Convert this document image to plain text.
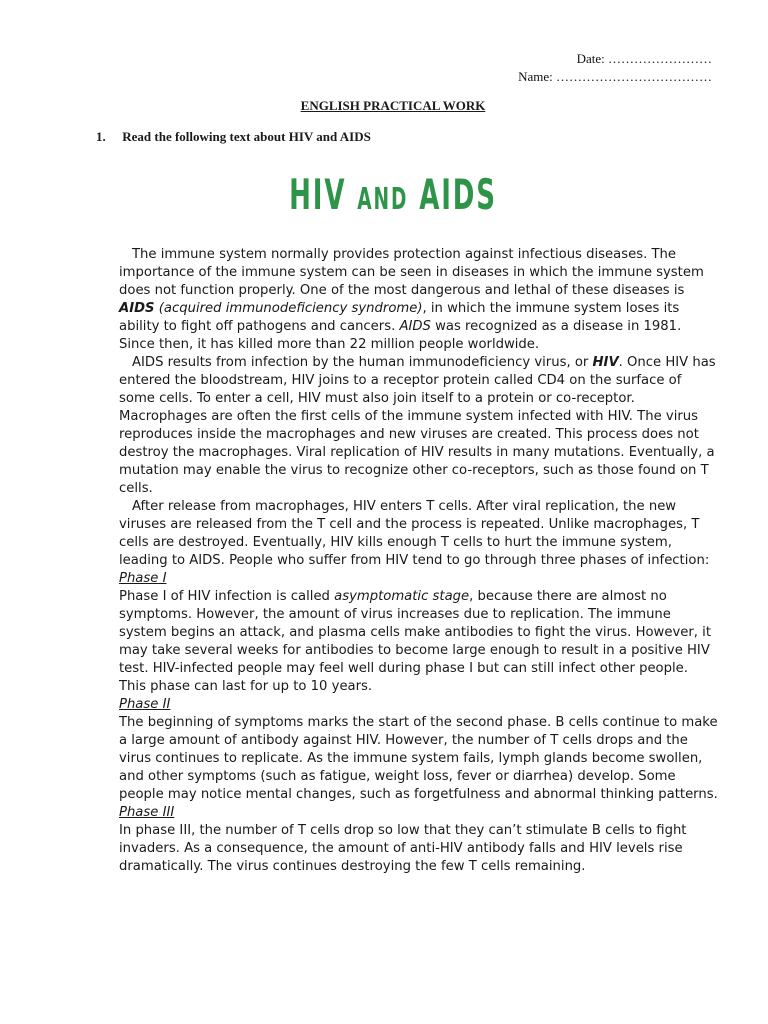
Date: ……………………
Name: ………………………………
ENGLISH PRACTICAL WORK
1. Read the following text about HIV and AIDS
HIV AND AIDS

The immune system normally provides protection against infectious diseases. The importance of the immune system can be seen in diseases in which the immune system does not function properly. One of the most dangerous and lethal of these diseases is AIDS (acquired immunodeficiency syndrome), in which the immune system loses its ability to fight off pathogens and cancers. AIDS was recognized as a disease in 1981. Since then, it has killed more than 22 million people worldwide.

AIDS results from infection by the human immunodeficiency virus, or HIV. Once HIV has entered the bloodstream, HIV joins to a receptor protein called CD4 on the surface of some cells. To enter a cell, HIV must also join itself to a protein or co-receptor. Macrophages are often the first cells of the immune system infected with HIV. The virus reproduces inside the macrophages and new viruses are created. This process does not destroy the macrophages. Viral replication of HIV results in many mutations. Eventually, a mutation may enable the virus to recognize other co-receptors, such as those found on T cells.

After release from macrophages, HIV enters T cells. After viral replication, the new viruses are released from the T cell and the process is repeated. Unlike macrophages, T cells are destroyed. Eventually, HIV kills enough T cells to hurt the immune system, leading to AIDS. People who suffer from HIV tend to go through three phases of infection:

Phase I

Phase I of HIV infection is called asymptomatic stage, because there are almost no symptoms. However, the amount of virus increases due to replication. The immune system begins an attack, and plasma cells make antibodies to fight the virus. However, it may take several weeks for antibodies to become large enough to result in a positive HIV test. HIV-infected people may feel well during phase I but can still infect other people. This phase can last for up to 10 years.

Phase II

The beginning of symptoms marks the start of the second phase. B cells continue to make a large amount of antibody against HIV. However, the number of T cells drops and the virus continues to replicate. As the immune system fails, lymph glands become swollen, and other symptoms (such as fatigue, weight loss, fever or diarrhea) develop. Some people may notice mental changes, such as forgetfulness and abnormal thinking patterns.

Phase III

In phase III, the number of T cells drop so low that they can’t stimulate B cells to fight invaders. As a consequence, the amount of anti-HIV antibody falls and HIV levels rise dramatically. The virus continues destroying the few T cells remaining.
